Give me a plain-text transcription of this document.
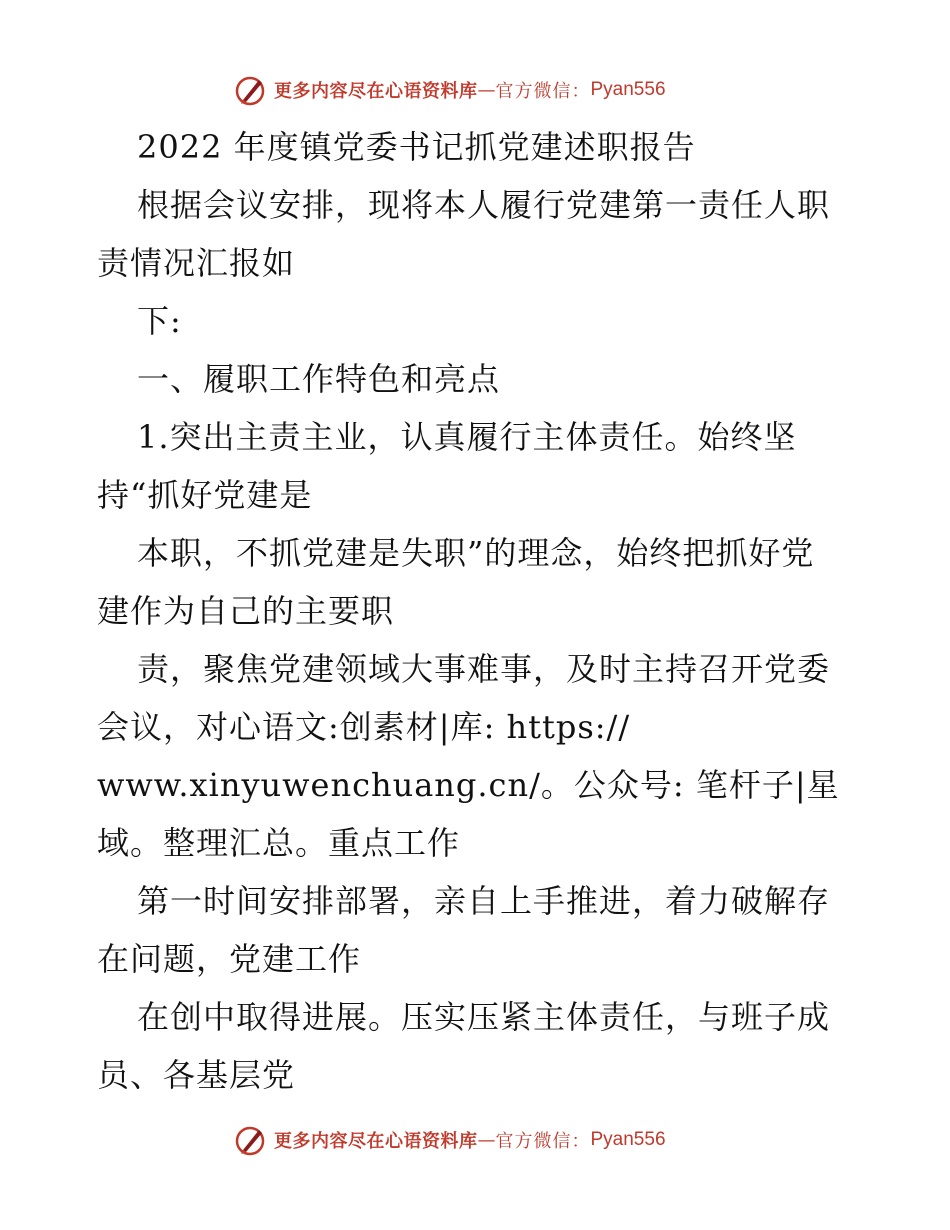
更多内容尽在心语资料库 — 官方微信： Pyan556
2022 年度镇党委书记抓党建述职报告
根据会议安排，现将本人履行党建第一责任人职
责情况汇报如
下:
一、履职工作特色和亮点
1.突出主责主业，认真履行主体责任。始终坚
持“抓好党建是
本职，不抓党建是失职”的理念，始终把抓好党
建作为自己的主要职
责，聚焦党建领域大事难事，及时主持召开党委
会议，对心语文:创素材|库: https://
www.xinyuwenchuang.cn/。公众号: 笔杆子|星
域。整理汇总。重点工作
第一时间安排部署，亲自上手推进，着力破解存
在问题，党建工作
在创中取得进展。压实压紧主体责任，与班子成
员、各基层党
更多内容尽在心语资料库 — 官方微信： Pyan556
